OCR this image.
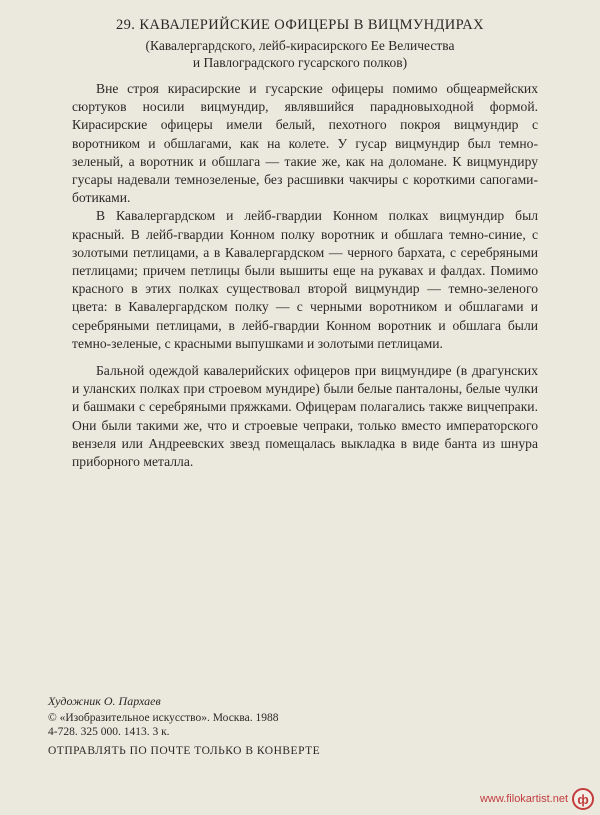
29. КАВАЛЕРИЙСКИЕ ОФИЦЕРЫ В ВИЦМУНДИРАХ
(Кавалергардского, лейб-кирасирского Ее Величества
и Павлоградского гусарского полков)

Вне строя кирасирские и гусарские офицеры помимо общеармейских сюртуков носили вицмундир, являвшийся парадновыходной формой. Кирасирские офицеры имели белый, пехотного покроя вицмундир с воротником и обшлагами, как на колете. У гусар вицмундир был темно-зеленый, а воротник и обшлага — такие же, как на доломане. К вицмундиру гусары надевали темнозеленые, без расшивки чакчиры с короткими сапогами-ботиками.

В Кавалергардском и лейб-гвардии Конном полках вицмундир был красный. В лейб-гвардии Конном полку воротник и обшлага темно-синие, с золотыми петлицами, а в Кавалергардском — черного бархата, с серебряными петлицами; причем петлицы были вышиты еще на рукавах и фалдах. Помимо красного в этих полках существовал второй вицмундир — темно-зеленого цвета: в Кавалергардском полку — с черными воротником и обшлагами и серебряными петлицами, в лейб-гвардии Конном воротник и обшлага были темно-зеленые, с красными выпушками и золотыми петлицами.

Бальной одеждой кавалерийских офицеров при вицмундире (в драгунских и уланских полках при строевом мундире) были белые панталоны, белые чулки и башмаки с серебряными пряжками. Офицерам полагались также вицчепраки. Они были такими же, что и строевые чепраки, только вместо императорского вензеля или Андреевских звезд помещалась выкладка в виде банта из шнура приборного металла.

Художник О. Пархаев
© «Изобразительное искусство». Москва. 1988
4-728. 325 000. 1413. 3 к.
ОТПРАВЛЯТЬ ПО ПОЧТЕ ТОЛЬКО В КОНВЕРТЕ
www.filokartist.net ф
